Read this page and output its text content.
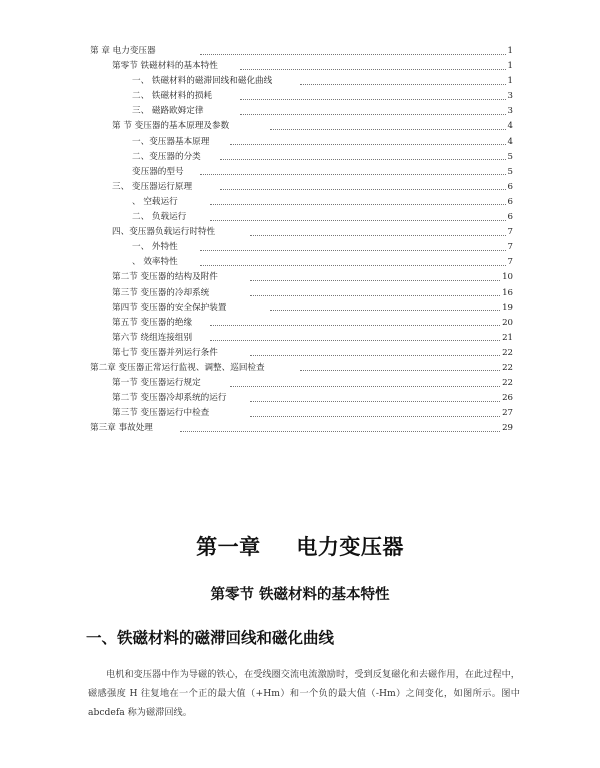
第 章 电力变压器	1
第零节 铁磁材料的基本特性	1
一、 铁磁材料的磁滞回线和磁化曲线	1
二、 铁磁材料的损耗	3
三、 磁路欧姆定律	3
第 节 变压器的基本原理及参数	4
一、变压器基本原理	4
二、变压器的分类	5
变压器的型号	5
三、 变压器运行原理	6
、 空载运行	6
二、 负载运行	6
四、变压器负载运行时特性	7
一、 外特性	7
、 效率特性	7
第二节 变压器的结构及附件	10
第三节 变压器的冷却系统	16
第四节 变压器的安全保护装置	19
第五节 变压器的绝缘	20
第六节 绕组连接组别	21
第七节 变压器并列运行条件	22
第二章 变压器正常运行监视、调整、巡回检查	22
第一节 变压器运行规定	22
第二节 变压器冷却系统的运行	26
第三节 变压器运行中检查	27
第三章 事故处理	29
第一章 电力变压器
第零节 铁磁材料的基本特性
一、铁磁材料的磁滞回线和磁化曲线
电机和变压器中作为导磁的铁心，在受线圈交流电流激励时，受到反复磁化和去磁作用，在此过程中，磁感强度 H 往复地在一个正的最大值（+Hm）和一个负的最大值（-Hm）之间变化，如图所示。图中 abcdefa 称为磁滞回线。
